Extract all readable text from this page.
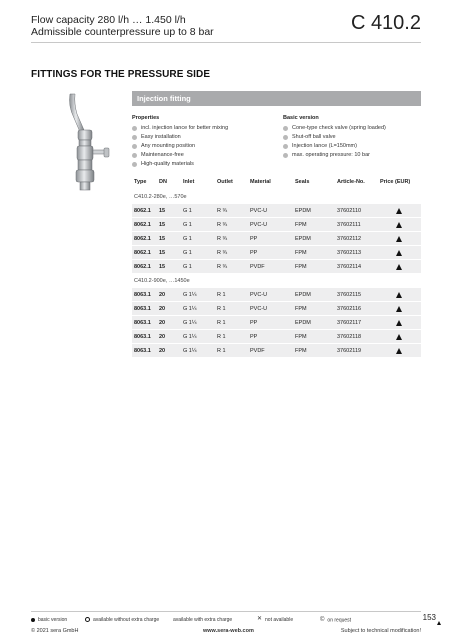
Flow capacity 280 l/h … 1.450 l/h
Admissible counterpressure up to 8 bar	C 410.2
FITTINGS FOR THE PRESSURE SIDE
Injection fitting
Properties
incl. injection lance for better mixing
Easy installation
Any mounting position
Maintenance-free
High-quality materials
Basic version
Cone-type check valve (spring loaded)
Shut-off ball valve
Injection lance (L=150mm)
max. operating pressure: 10 bar
Type DN	Inlet	Outlet	Material	Seals	Article-No.	Price (EUR)
C410.2-280e, …570e
8062.1 15	G 1	R ¾	PVC-U	EPDM	37602110
8062.1 15	G 1	R ¾	PVC-U	FPM	37602111
8062.1 15	G 1	R ¾	PP	EPDM	37602112
8062.1 15	G 1	R ¾	PP	FPM	37602113
8062.1 15	G 1	R ¾	PVDF	FPM	37602114
C410.2-900e, …1450e
8063.1 20	G 1¼	R 1	PVC-U	EPDM	37602115
8063.1 20	G 1¼	R 1	PVC-U	FPM	37602116
8063.1 20	G 1¼	R 1	PP	EPDM	37602117
8063.1 20	G 1¼	R 1	PP	FPM	37602118
8063.1 20	G 1¼	R 1	PVDF	FPM	37602119
basic version	available without extra charge	available with extra charge	✕ not available	© on request	153
© 2021 sera GmbH	www.sera-web.com	Subject to technical modification!
